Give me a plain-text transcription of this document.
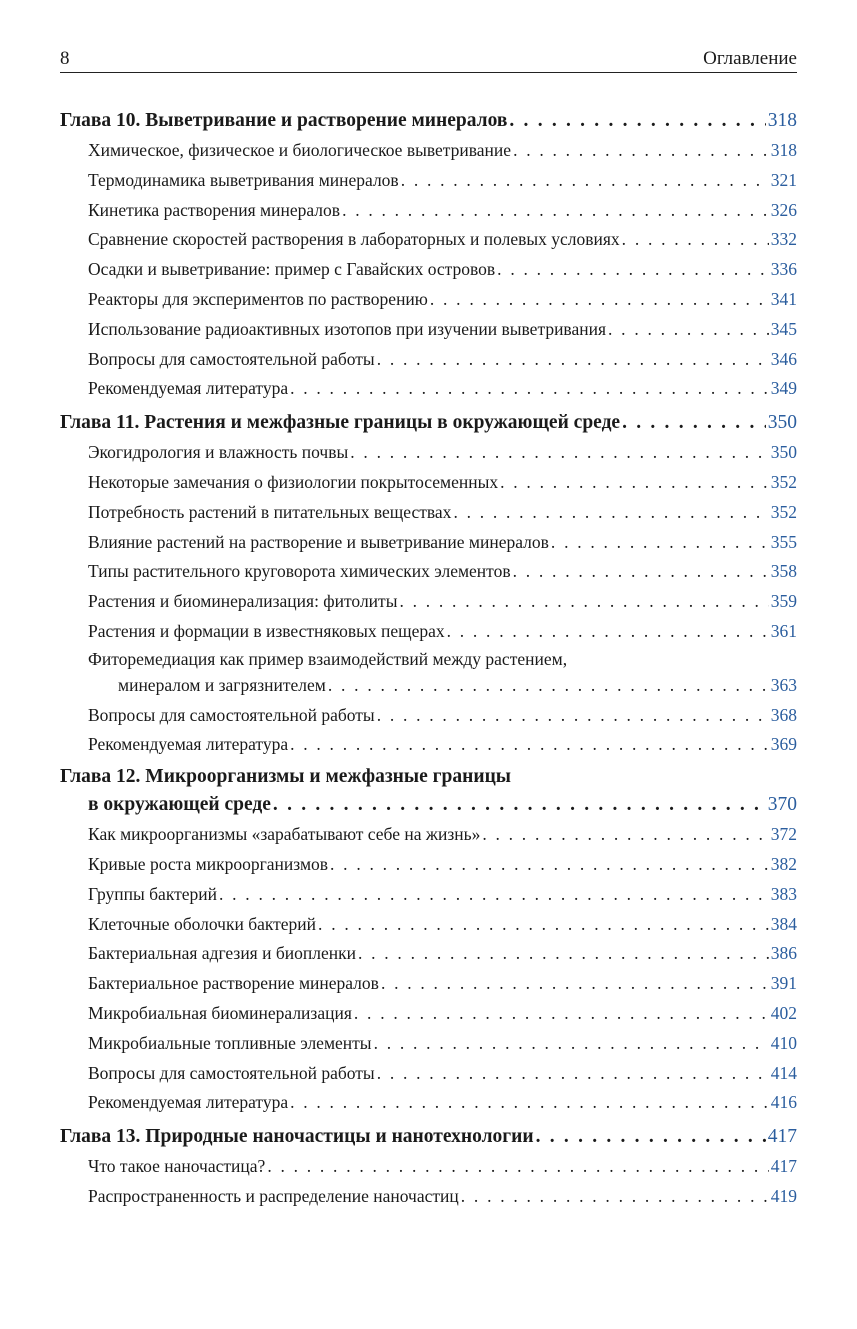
8	Оглавление
Глава 10. Выветривание и растворение минералов . . .	318
Химическое, физическое и биологическое выветривание . . .	318
Термодинамика выветривания минералов . . .	321
Кинетика растворения минералов . . .	326
Сравнение скоростей растворения в лабораторных и полевых условиях . . .	332
Осадки и выветривание: пример с Гавайских островов . . .	336
Реакторы для экспериментов по растворению . . .	341
Использование радиоактивных изотопов при изучении выветривания . . .	345
Вопросы для самостоятельной работы . . .	346
Рекомендуемая литература . . .	349
Глава 11. Растения и межфазные границы в окружающей среде . . .	350
Экогидрология и влажность почвы . . .	350
Некоторые замечания о физиологии покрытосеменных . . .	352
Потребность растений в питательных веществах . . .	352
Влияние растений на растворение и выветривание минералов . . .	355
Типы растительного круговорота химических элементов . . .	358
Растения и биоминерализация: фитолиты . . .	359
Растения и формации в известняковых пещерах . . .	361
Фиторемедиация как пример взаимодействий между растением,
минералом и загрязнителем . . .	363
Вопросы для самостоятельной работы . . .	368
Рекомендуемая литература . . .	369
Глава 12. Микроорганизмы и межфазные границы
в окружающей среде . . .	370
Как микроорганизмы «зарабатывают себе на жизнь» . . .	372
Кривые роста микроорганизмов . . .	382
Группы бактерий . . .	383
Клеточные оболочки бактерий . . .	384
Бактериальная адгезия и биопленки . . .	386
Бактериальное растворение минералов . . .	391
Микробиальная биоминерализация . . .	402
Микробиальные топливные элементы . . .	410
Вопросы для самостоятельной работы . . .	414
Рекомендуемая литература . . .	416
Глава 13. Природные наночастицы и нанотехнологии . . .	417
Что такое наночастица? . . .	417
Распространенность и распределение наночастиц . . .	419
